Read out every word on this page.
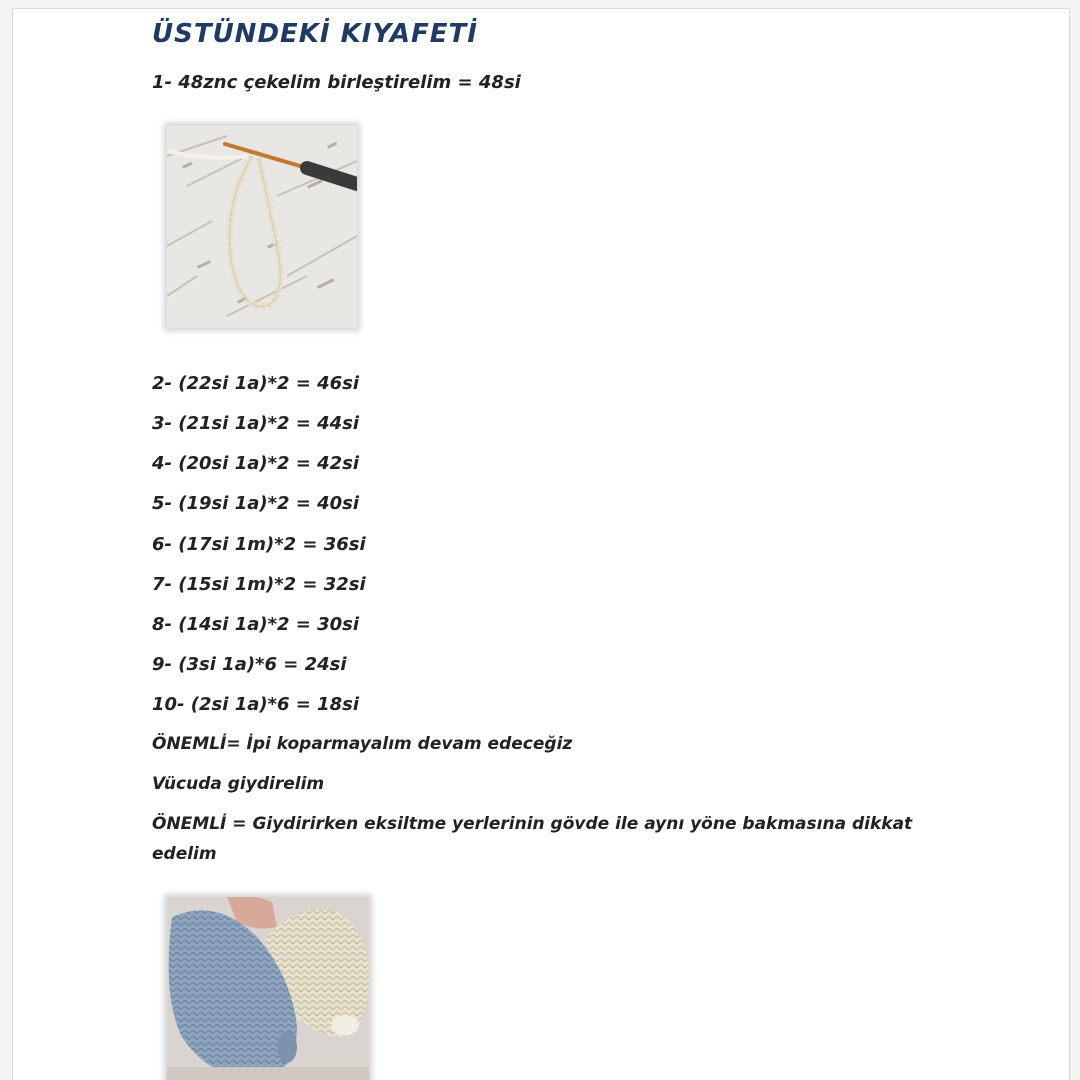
ÜSTÜNDEKİ KIYAFETİ
1- 48znc çekelim birleştirelim = 48si
2- (22si 1a)*2 = 46si
3- (21si 1a)*2 = 44si
4- (20si 1a)*2 = 42si
5- (19si 1a)*2 = 40si
6- (17si 1m)*2 = 36si
7- (15si 1m)*2 = 32si
8- (14si 1a)*2 = 30si
9- (3si 1a)*6 = 24si
10- (2si 1a)*6 = 18si
ÖNEMLİ= İpi koparmayalım devam edeceğiz
Vücuda giydirelim
ÖNEMLİ = Giydirirken eksiltme yerlerinin gövde ile aynı yöne bakmasına dikkat edelim
